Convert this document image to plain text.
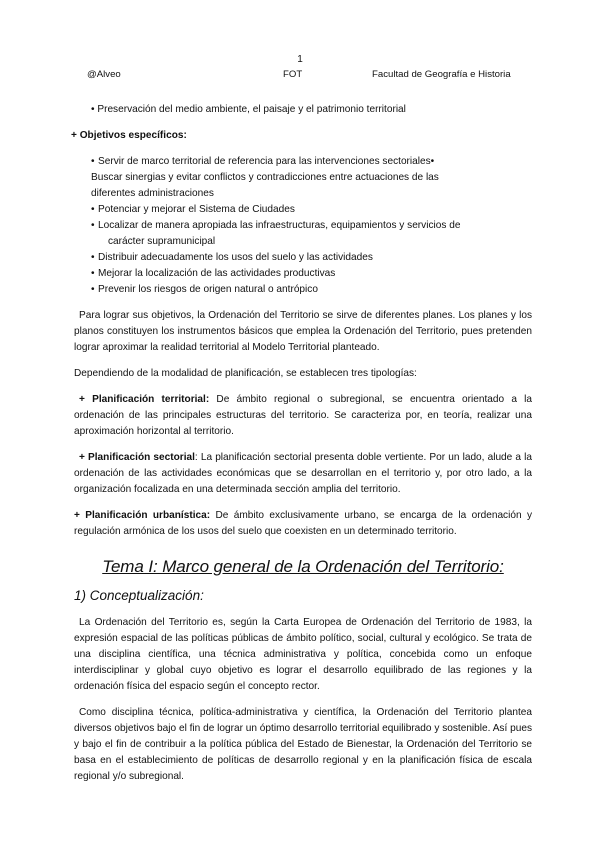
1
@Alveo	FOT	Facultad de Geografía e Historia

• Preservación del medio ambiente, el paisaje y el patrimonio territorial

+ Objetivos específicos:

• Servir de marco territorial de referencia para las intervenciones sectoriales•
Buscar sinergias y evitar conflictos y contradicciones entre actuaciones de las
diferentes administraciones
• Potenciar y mejorar el Sistema de Ciudades
• Localizar de manera apropiada las infraestructuras, equipamientos y servicios de
carácter supramunicipal
• Distribuir adecuadamente los usos del suelo y las actividades
• Mejorar la localización de las actividades productivas
• Prevenir los riesgos de origen natural o antrópico

Para lograr sus objetivos, la Ordenación del Territorio se sirve de diferentes planes. Los planes y los planos constituyen los instrumentos básicos que emplea la Ordenación del Territorio, pues pretenden lograr aproximar la realidad territorial al Modelo Territorial planteado.

Dependiendo de la modalidad de planificación, se establecen tres tipologías:

+ Planificación territorial: De ámbito regional o subregional, se encuentra orientado a la ordenación de las principales estructuras del territorio. Se caracteriza por, en teoría, realizar una aproximación horizontal al territorio.

+ Planificación sectorial: La planificación sectorial presenta doble vertiente. Por un lado, alude a la ordenación de las actividades económicas que se desarrollan en el territorio y, por otro lado, a la organización focalizada en una determinada sección amplia del territorio.

+ Planificación urbanística: De ámbito exclusivamente urbano, se encarga de la ordenación y regulación armónica de los usos del suelo que coexisten en un determinado territorio.

Tema I: Marco general de la Ordenación del Territorio:
1) Conceptualización:

La Ordenación del Territorio es, según la Carta Europea de Ordenación del Territorio de 1983, la expresión espacial de las políticas públicas de ámbito político, social, cultural y ecológico. Se trata de una disciplina científica, una técnica administrativa y política, concebida como un enfoque interdisciplinar y global cuyo objetivo es lograr el desarrollo equilibrado de las regiones y la ordenación física del espacio según el concepto rector.

Como disciplina técnica, política-administrativa y científica, la Ordenación del Territorio plantea diversos objetivos bajo el fin de lograr un óptimo desarrollo territorial equilibrado y sostenible. Así pues y bajo el fin de contribuir a la política pública del Estado de Bienestar, la Ordenación del Territorio se basa en el establecimiento de políticas de desarrollo regional y en la planificación física de escala regional y/o subregional.
